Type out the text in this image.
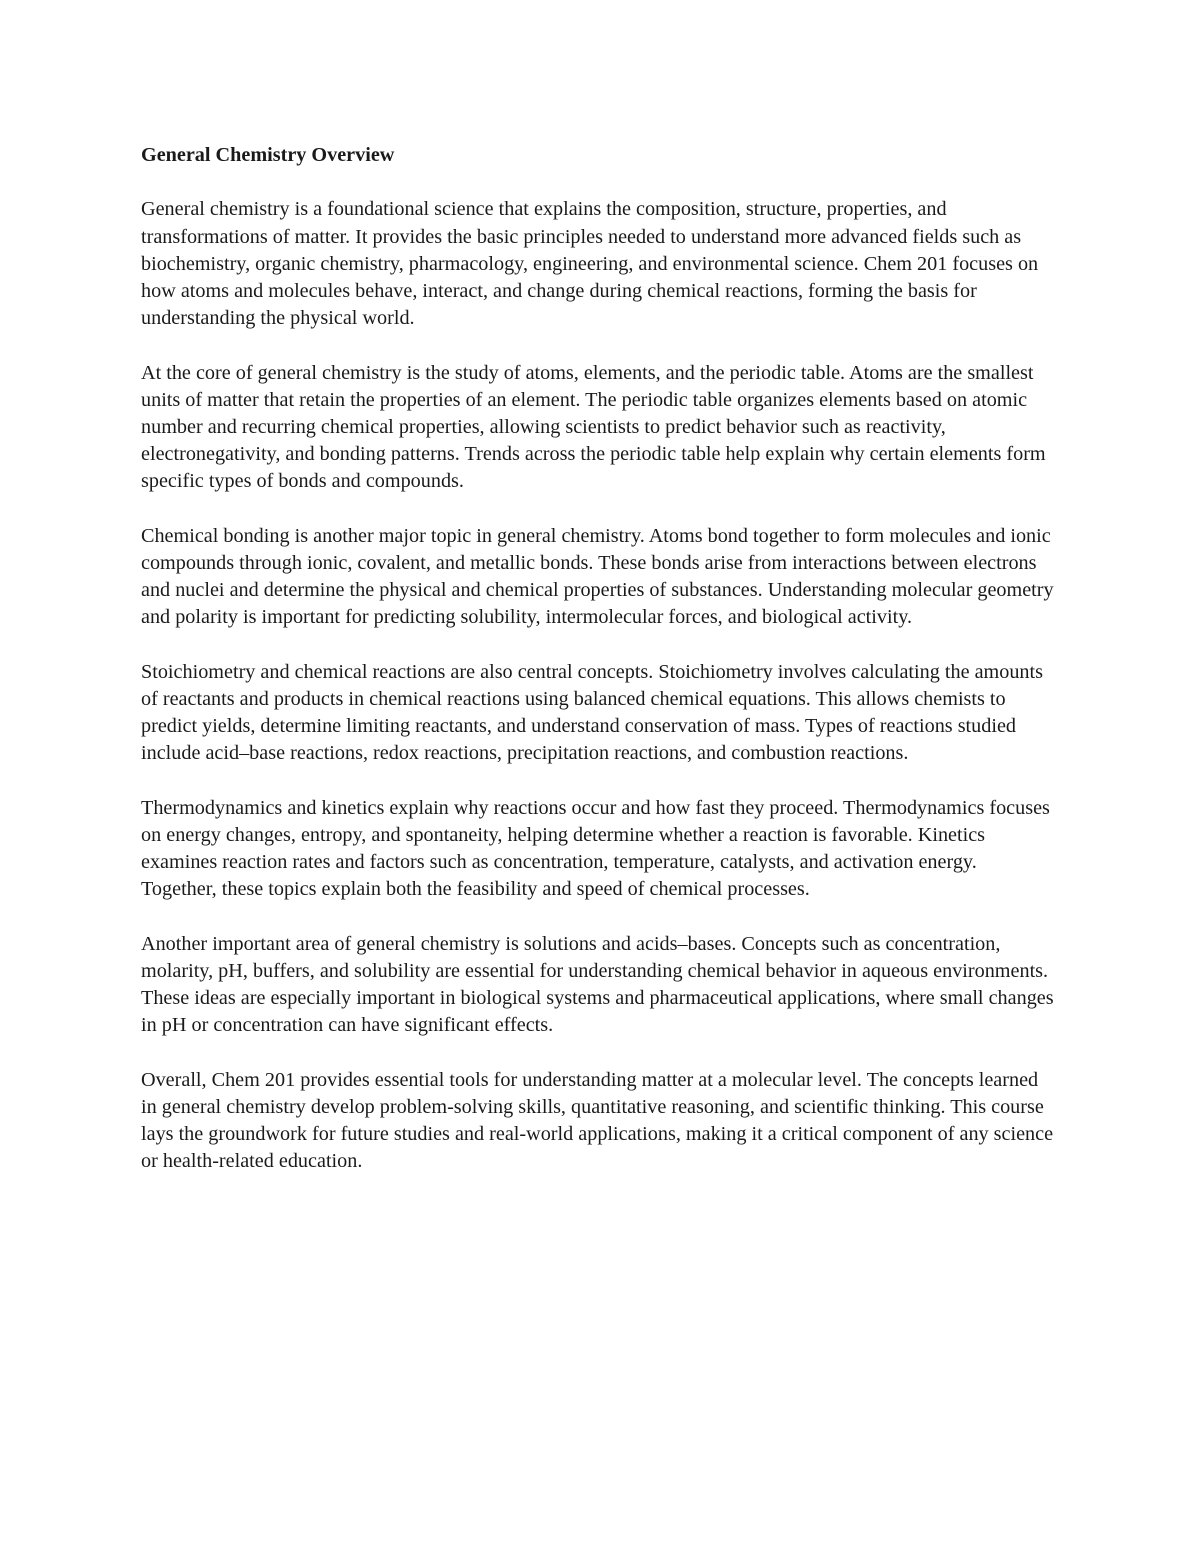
General Chemistry Overview

General chemistry is a foundational science that explains the composition, structure, properties, and transformations of matter. It provides the basic principles needed to understand more advanced fields such as biochemistry, organic chemistry, pharmacology, engineering, and environmental science. Chem 201 focuses on how atoms and molecules behave, interact, and change during chemical reactions, forming the basis for understanding the physical world.

At the core of general chemistry is the study of atoms, elements, and the periodic table. Atoms are the smallest units of matter that retain the properties of an element. The periodic table organizes elements based on atomic number and recurring chemical properties, allowing scientists to predict behavior such as reactivity, electronegativity, and bonding patterns. Trends across the periodic table help explain why certain elements form specific types of bonds and compounds.

Chemical bonding is another major topic in general chemistry. Atoms bond together to form molecules and ionic compounds through ionic, covalent, and metallic bonds. These bonds arise from interactions between electrons and nuclei and determine the physical and chemical properties of substances. Understanding molecular geometry and polarity is important for predicting solubility, intermolecular forces, and biological activity.

Stoichiometry and chemical reactions are also central concepts. Stoichiometry involves calculating the amounts of reactants and products in chemical reactions using balanced chemical equations. This allows chemists to predict yields, determine limiting reactants, and understand conservation of mass. Types of reactions studied include acid–base reactions, redox reactions, precipitation reactions, and combustion reactions.

Thermodynamics and kinetics explain why reactions occur and how fast they proceed. Thermodynamics focuses on energy changes, entropy, and spontaneity, helping determine whether a reaction is favorable. Kinetics examines reaction rates and factors such as concentration, temperature, catalysts, and activation energy. Together, these topics explain both the feasibility and speed of chemical processes.

Another important area of general chemistry is solutions and acids–bases. Concepts such as concentration, molarity, pH, buffers, and solubility are essential for understanding chemical behavior in aqueous environments. These ideas are especially important in biological systems and pharmaceutical applications, where small changes in pH or concentration can have significant effects.

Overall, Chem 201 provides essential tools for understanding matter at a molecular level. The concepts learned in general chemistry develop problem-solving skills, quantitative reasoning, and scientific thinking. This course lays the groundwork for future studies and real-world applications, making it a critical component of any science or health-related education.
